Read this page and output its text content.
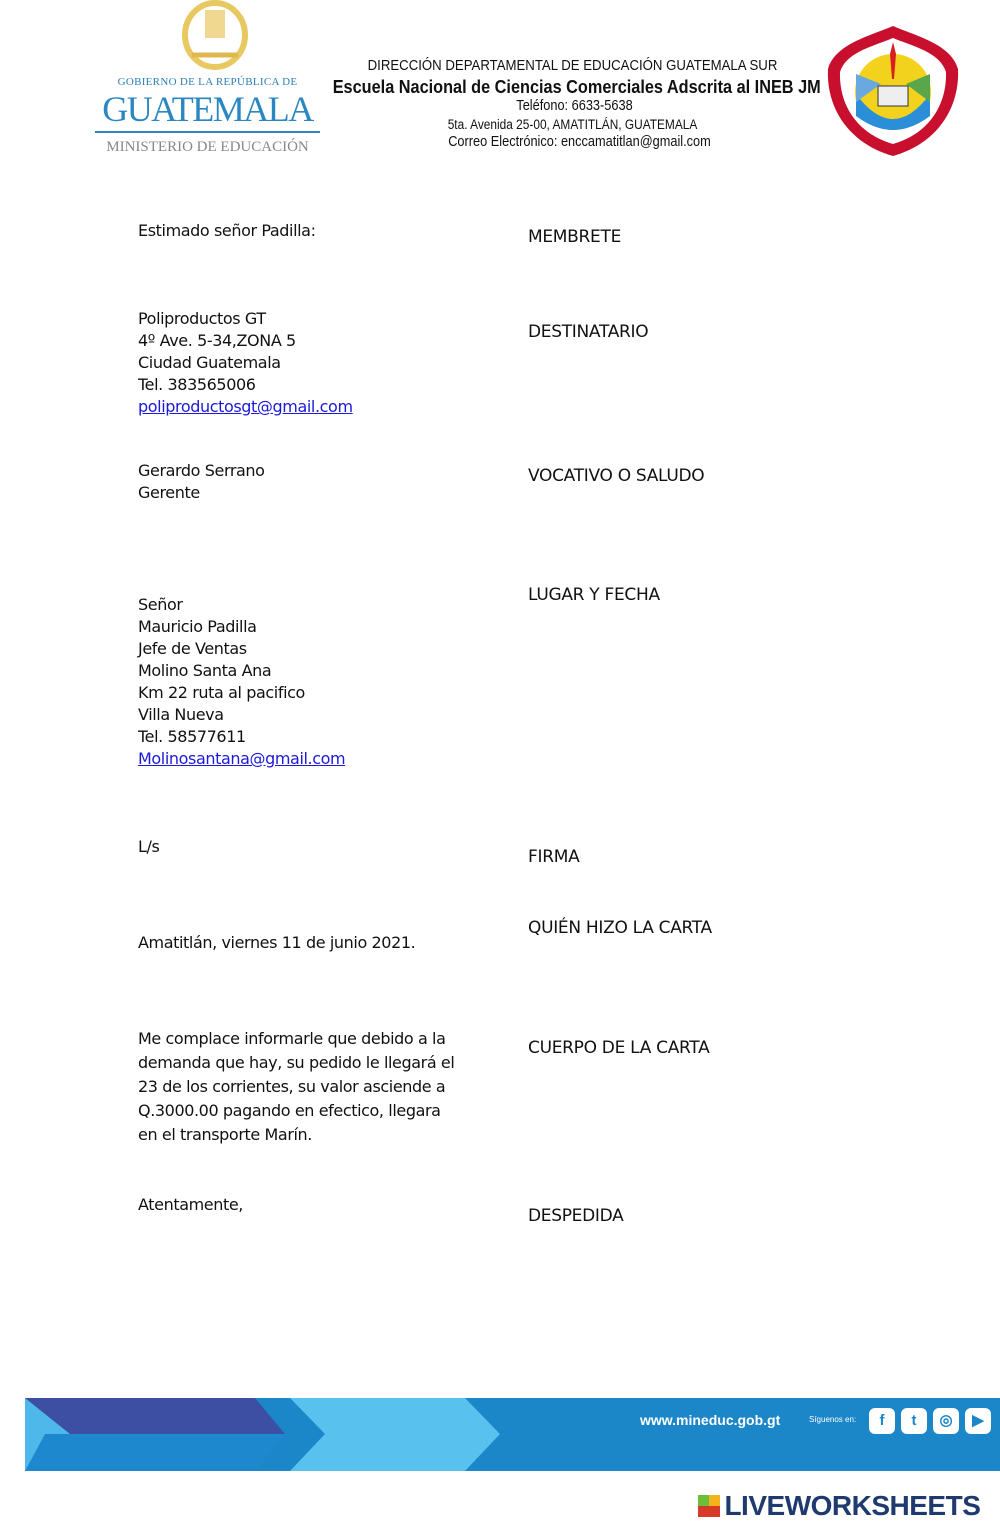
GOBIERNO DE LA REPÚBLICA DE
GUATEMALA
MINISTERIO DE EDUCACIÓN
DIRECCIÓN DEPARTAMENTAL DE EDUCACIÓN GUATEMALA SUR
Escuela Nacional de Ciencias Comerciales Adscrita al INEB JM
Teléfono: 6633-5638
5ta. Avenida 25-00, AMATITLÁN, GUATEMALA
Correo Electrónico: enccamatitlan@gmail.com
Estimado señor Padilla:
Poliproductos GT
4º Ave. 5-34,ZONA 5
Ciudad Guatemala
Tel. 383565006
poliproductosgt@gmail.com
Gerardo Serrano
Gerente
Señor
Mauricio Padilla
Jefe de Ventas
Molino Santa Ana
Km 22 ruta al pacifico
Villa Nueva
Tel. 58577611
Molinosantana@gmail.com
L/s
Amatitlán, viernes 11 de junio 2021.
Me complace informarle que debido a la
demanda que hay, su pedido le llegará el
23 de los corrientes, su valor asciende a
Q.3000.00 pagando en efectico, llegara
en el transporte Marín.
Atentamente,
MEMBRETE
DESTINATARIO
VOCATIVO O SALUDO
LUGAR Y FECHA
FIRMA
QUIÉN HIZO LA CARTA
CUERPO DE LA CARTA
DESPEDIDA
www.mineduc.gob.gt	Síguenos en:	f t ◎ ▶
LIVEWORKSHEETS
